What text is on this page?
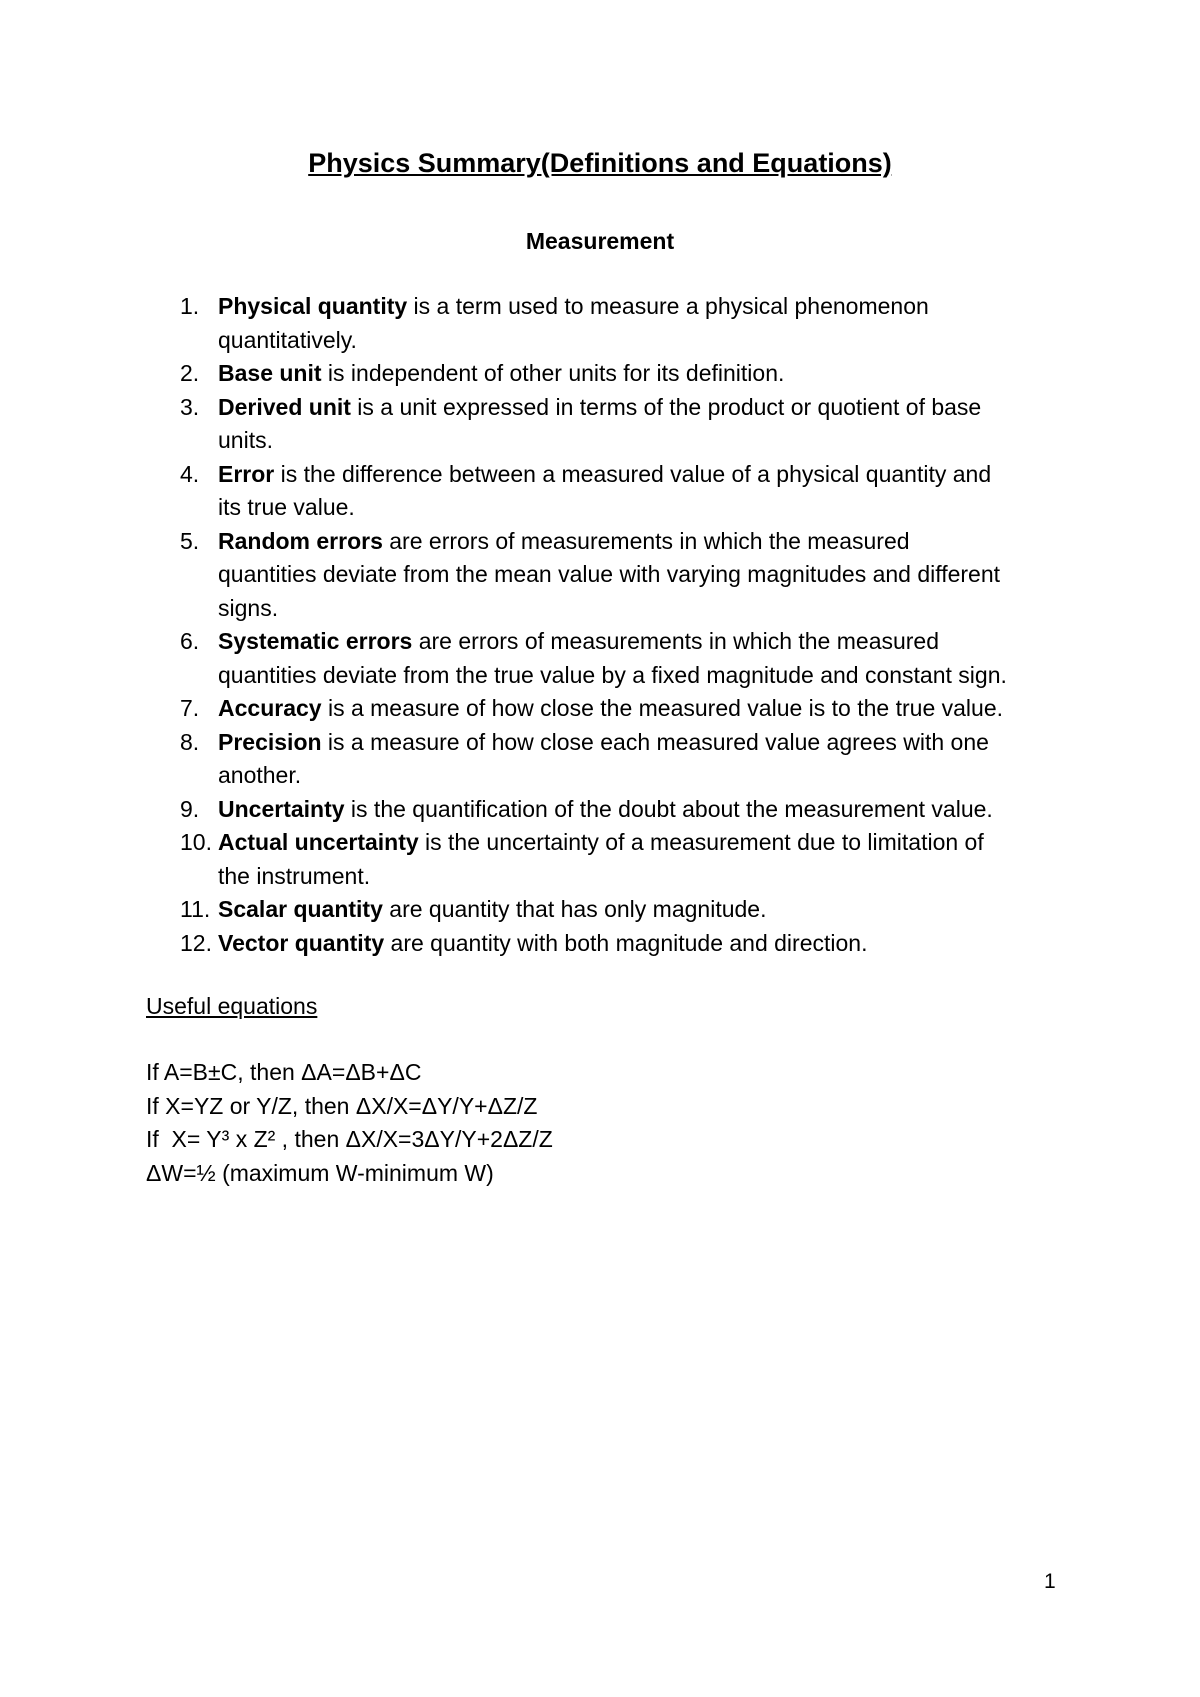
Physics Summary(Definitions and Equations)
Measurement
1. Physical quantity is a term used to measure a physical phenomenon
quantitatively.
2. Base unit is independent of other units for its definition.
3. Derived unit is a unit expressed in terms of the product or quotient of base
units.
4. Error is the difference between a measured value of a physical quantity and
its true value.
5. Random errors are errors of measurements in which the measured
quantities deviate from the mean value with varying magnitudes and different
signs.
6. Systematic errors are errors of measurements in which the measured
quantities deviate from the true value by a fixed magnitude and constant sign.
7. Accuracy is a measure of how close the measured value is to the true value.
8. Precision is a measure of how close each measured value agrees with one
another.
9. Uncertainty is the quantification of the doubt about the measurement value.
10. Actual uncertainty is the uncertainty of a measurement due to limitation of
the instrument.
11. Scalar quantity are quantity that has only magnitude.
12. Vector quantity are quantity with both magnitude and direction.
Useful equations
If A=B±C, then ΔA=ΔB+ΔC
If X=YZ or Y/Z, then ΔX/X=ΔY/Y+ΔZ/Z
If  X= Y³ x Z² , then ΔX/X=3ΔY/Y+2ΔZ/Z
ΔW=½ (maximum W-minimum W)
1
